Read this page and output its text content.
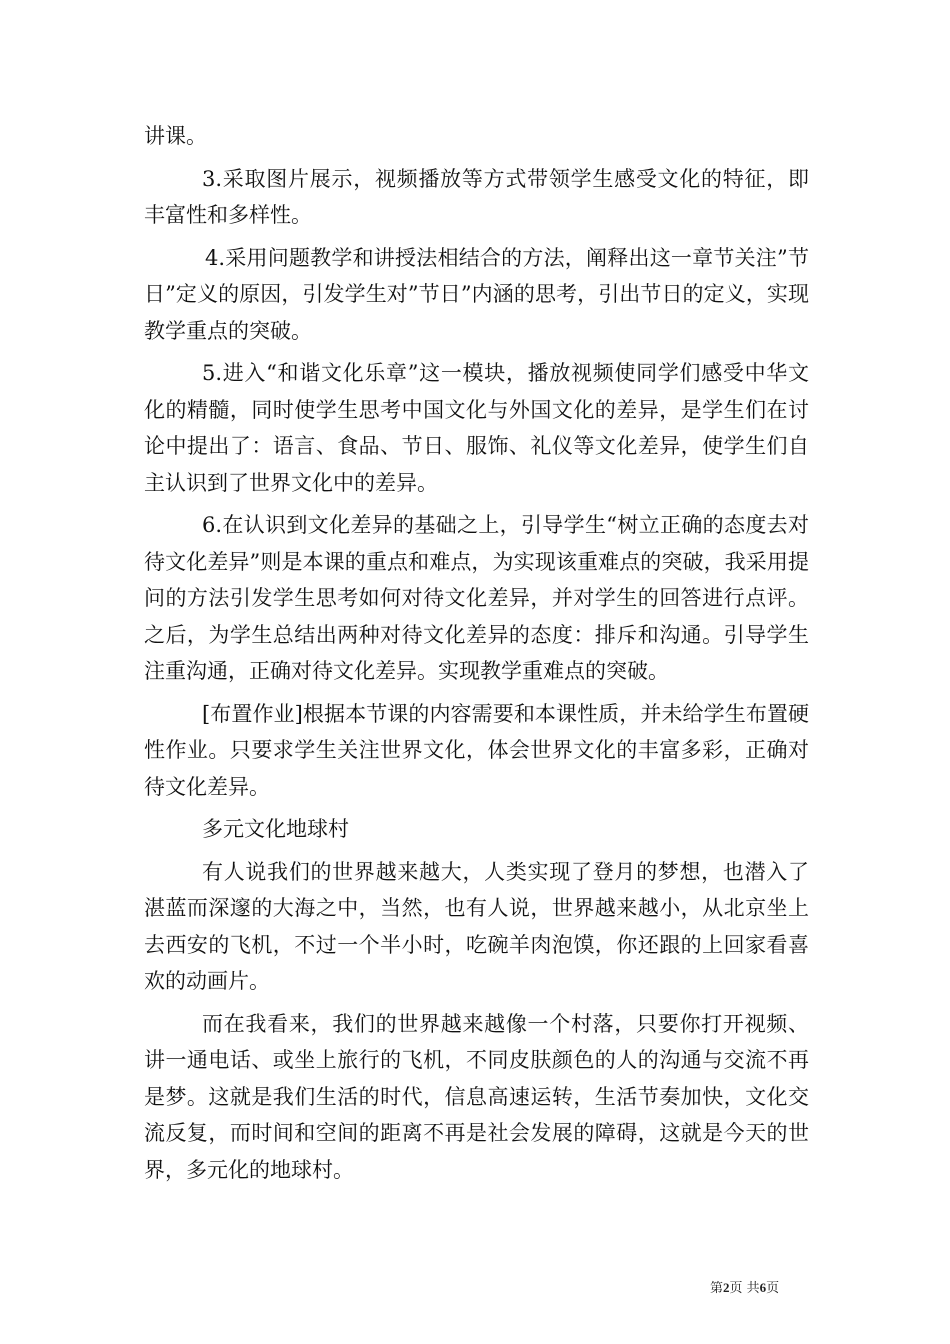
讲课。

3.采取图片展示，视频播放等方式带领学生感受文化的特征，即丰富性和多样性。

4.采用问题教学和讲授法相结合的方法，阐释出这一章节关注”节日”定义的原因，引发学生对”节日”内涵的思考，引出节日的定义，实现教学重点的突破。

5.进入“和谐文化乐章”这一模块，播放视频使同学们感受中华文化的精髓，同时使学生思考中国文化与外国文化的差异，是学生们在讨论中提出了：语言、食品、节日、服饰、礼仪等文化差异，使学生们自主认识到了世界文化中的差异。

6.在认识到文化差异的基础之上，引导学生“树立正确的态度去对待文化差异”则是本课的重点和难点，为实现该重难点的突破，我采用提问的方法引发学生思考如何对待文化差异，并对学生的回答进行点评。之后，为学生总结出两种对待文化差异的态度：排斥和沟通。引导学生注重沟通，正确对待文化差异。实现教学重难点的突破。

[布置作业]根据本节课的内容需要和本课性质，并未给学生布置硬性作业。只要求学生关注世界文化，体会世界文化的丰富多彩，正确对待文化差异。

多元文化地球村

有人说我们的世界越来越大，人类实现了登月的梦想，也潜入了湛蓝而深邃的大海之中，当然，也有人说，世界越来越小，从北京坐上去西安的飞机，不过一个半小时，吃碗羊肉泡馍，你还跟的上回家看喜欢的动画片。

而在我看来，我们的世界越来越像一个村落，只要你打开视频、讲一通电话、或坐上旅行的飞机，不同皮肤颜色的人的沟通与交流不再是梦。这就是我们生活的时代，信息高速运转，生活节奏加快，文化交流反复，而时间和空间的距离不再是社会发展的障碍，这就是今天的世界，多元化的地球村。

第2页 共6页
